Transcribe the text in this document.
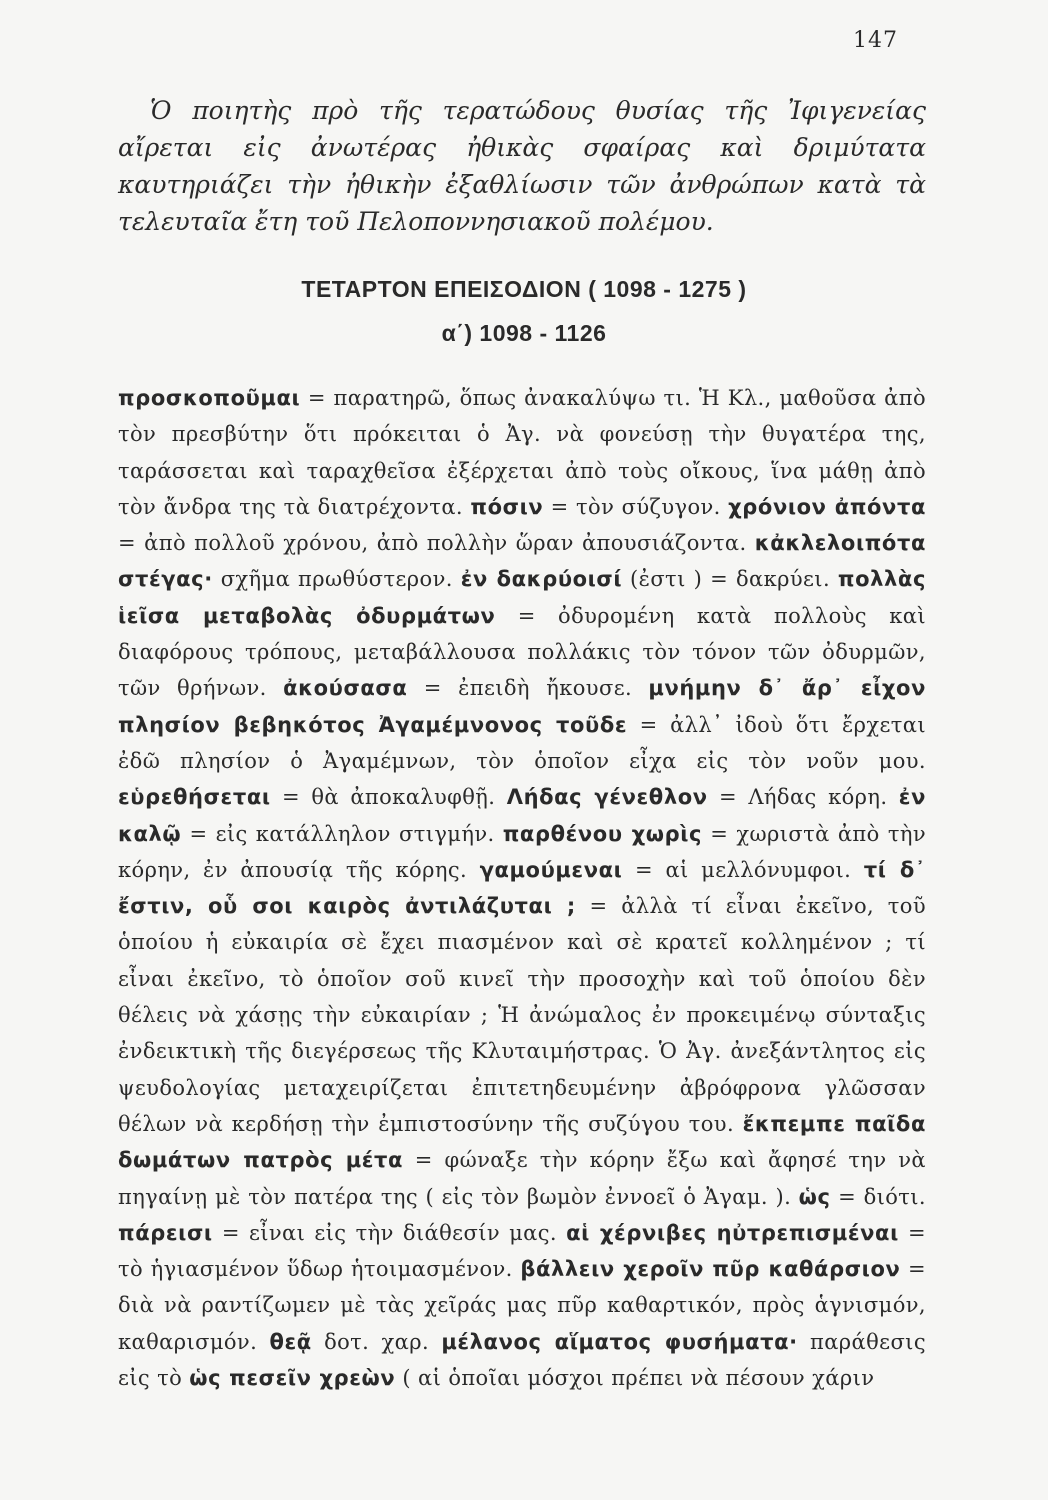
147

Ὁ ποιητὴς πρὸ τῆς τερατώδους θυσίας τῆς Ἰφιγενείας αἴρεται εἰς ἀνωτέρας ἠθικὰς σφαίρας καὶ δριμύτατα καυτηριάζει τὴν ἠθικὴν ἐξαθλίωσιν τῶν ἀνθρώπων κατὰ τὰ τελευταῖα ἔτη τοῦ Πελοποννησιακοῦ πολέμου.

ΤΕΤΑΡΤΟΝ ΕΠΕΙΣΟΔΙΟΝ ( 1098 - 1275 )
α΄) 1098 - 1126

προσκοποῦμαι = παρατηρῶ, ὅπως ἀνακαλύψω τι. Ἡ Κλ., μαθοῦσα ἀπὸ τὸν πρεσβύτην ὅτι πρόκειται ὁ Ἀγ. νὰ φονεύσῃ τὴν θυγατέρα της, ταράσσεται καὶ ταραχθεῖσα ἐξέρχεται ἀπὸ τοὺς οἴκους, ἵνα μάθῃ ἀπὸ τὸν ἄνδρα της τὰ διατρέχοντα. πόσιν = τὸν σύζυγον. χρόνιον ἀπόντα = ἀπὸ πολλοῦ χρόνου, ἀπὸ πολλὴν ὥραν ἀπουσιάζοντα. κἀκλελοιπότα στέγας· σχῆμα πρωθύστερον. ἐν δακρύοισί (ἐστι ) = δακρύει. πολλὰς ἱεῖσα μεταβολὰς ὀδυρμάτων = ὀδυρομένη κατὰ πολλοὺς καὶ διαφόρους τρόπους, μεταβάλλουσα πολλάκις τὸν τόνον τῶν ὀδυρμῶν, τῶν θρήνων. ἀκούσασα = ἐπειδὴ ἤκουσε. μνήμην δ᾽ ἄρ᾽ εἶχον πλησίον βεβηκότος Ἀγαμέμνονος τοῦδε = ἀλλ᾽ ἰδοὺ ὅτι ἔρχεται ἐδῶ πλησίον ὁ Ἀγαμέμνων, τὸν ὁποῖον εἶχα εἰς τὸν νοῦν μου. εὑρεθήσεται = θὰ ἀποκαλυφθῇ. Λήδας γένεθλον = Λήδας κόρη. ἐν καλῷ = εἰς κατάλληλον στιγμήν. παρθένου χωρὶς = χωριστὰ ἀπὸ τὴν κόρην, ἐν ἀπουσίᾳ τῆς κόρης. γαμούμεναι = αἱ μελλόνυμφοι. τί δ᾽ ἔστιν, οὗ σοι καιρὸς ἀντιλάζυται ; = ἀλλὰ τί εἶναι ἐκεῖνο, τοῦ ὁποίου ἡ εὐκαιρία σὲ ἔχει πιασμένον καὶ σὲ κρατεῖ κολλημένον ; τί εἶναι ἐκεῖνο, τὸ ὁποῖον σοῦ κινεῖ τὴν προσοχὴν καὶ τοῦ ὁποίου δὲν θέλεις νὰ χάσῃς τὴν εὐκαιρίαν ; Ἡ ἀνώμαλος ἐν προκειμένῳ σύνταξις ἐνδεικτικὴ τῆς διεγέρσεως τῆς Κλυταιμήστρας. Ὁ Ἀγ. ἀνεξάντλητος εἰς ψευδολογίας μεταχειρίζεται ἐπιτετηδευμένην ἀβρόφρονα γλῶσσαν θέλων νὰ κερδήσῃ τὴν ἐμπιστοσύνην τῆς συζύγου του. ἔκπεμπε παῖδα δωμάτων πατρὸς μέτα = φώναξε τὴν κόρην ἔξω καὶ ἄφησέ την νὰ πηγαίνῃ μὲ τὸν πατέρα της ( εἰς τὸν βωμὸν ἐννοεῖ ὁ Ἀγαμ. ). ὡς = διότι. πάρεισι = εἶναι εἰς τὴν διάθεσίν μας. αἱ χέρνιβες ηὐτρεπισμέναι = τὸ ἡγιασμένον ὕδωρ ἡτοιμασμένον. βάλλειν χεροῖν πῦρ καθάρσιον = διὰ νὰ ραντίζωμεν μὲ τὰς χεῖράς μας πῦρ καθαρτικόν, πρὸς ἁγνισμόν, καθαρισμόν. θεᾷ δοτ. χαρ. μέλανος αἵματος φυσήματα· παράθεσις εἰς τὸ ὡς πεσεῖν χρεὼν ( αἱ ὁποῖαι μόσχοι πρέπει νὰ πέσουν χάριν
